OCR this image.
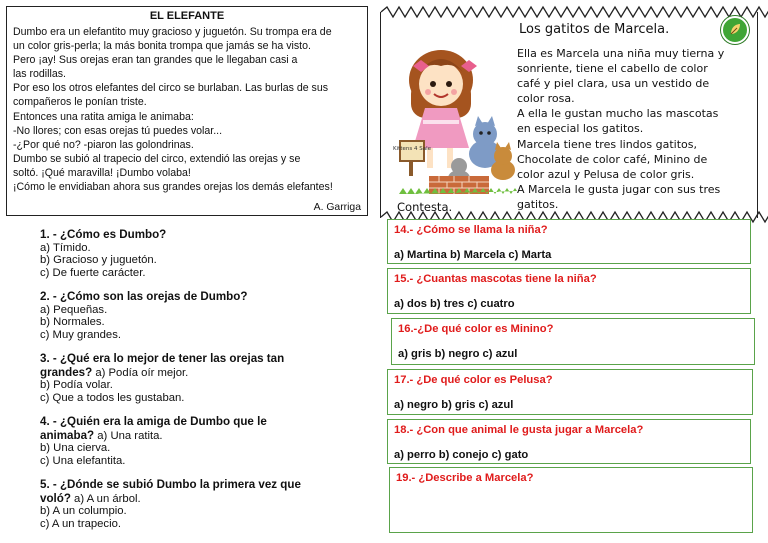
EL ELEFANTE
Dumbo era un elefantito muy gracioso y juguetón. Su trompa era de
un color gris-perla; la más bonita trompa que jamás se ha visto.
Pero ¡ay! Sus orejas eran tan grandes que le llegaban casi a
las rodillas.
Por eso los otros elefantes del circo se burlaban. Las burlas de sus
compañeros le ponían triste.
Entonces una ratita amiga le animaba:
-No llores; con esas orejas tú puedes volar...
-¿Por qué no? -piaron las golondrinas.
Dumbo se subió al trapecio del circo, extendió las orejas y se
soltó. ¡Qué maravilla! ¡Dumbo volaba!
¡Cómo le envidiaban ahora sus grandes orejas los demás elefantes!
A. Garriga
1. - ¿Cómo es Dumbo?
a) Tímido.
b) Gracioso y juguetón.
c) De fuerte carácter.
2. - ¿Cómo son las orejas de Dumbo?
a) Pequeñas.
b) Normales.
c) Muy grandes.
3. - ¿Qué era lo mejor de tener las orejas tan
grandes? a) Podía oír mejor.
b) Podía volar.
c) Que a todos les gustaban.
4. - ¿Quién era la amiga de Dumbo que le
animaba? a) Una ratita.
b) Una cierva.
c) Una elefantita.
5. - ¿Dónde se subió Dumbo la primera vez que
voló? a) A un árbol.
b) A un columpio.
c) A un trapecio.
Los gatitos de Marcela.
Kittens 4 Sale
Ella es Marcela una niña muy tierna y
sonriente, tiene el cabello de color
café y piel clara, usa un vestido de
color rosa.
A ella le gustan mucho las mascotas
en especial los gatitos.
Marcela tiene tres lindos gatitos,
Chocolate de color café, Minino de
color azul y Pelusa de color gris.
A Marcela le gusta jugar con sus tres
gatitos.
Contesta.
14.- ¿Cómo se llama la niña?
a) Martina b) Marcela c) Marta
15.- ¿Cuantas mascotas tiene la niña?
a) dos b) tres c) cuatro
16.-¿De qué color es Minino?
a) gris b) negro c) azul
17.- ¿De qué color es Pelusa?
a) negro b) gris c) azul
18.- ¿Con que animal le gusta jugar a Marcela?
a) perro b) conejo c) gato
19.- ¿Describe a Marcela?
